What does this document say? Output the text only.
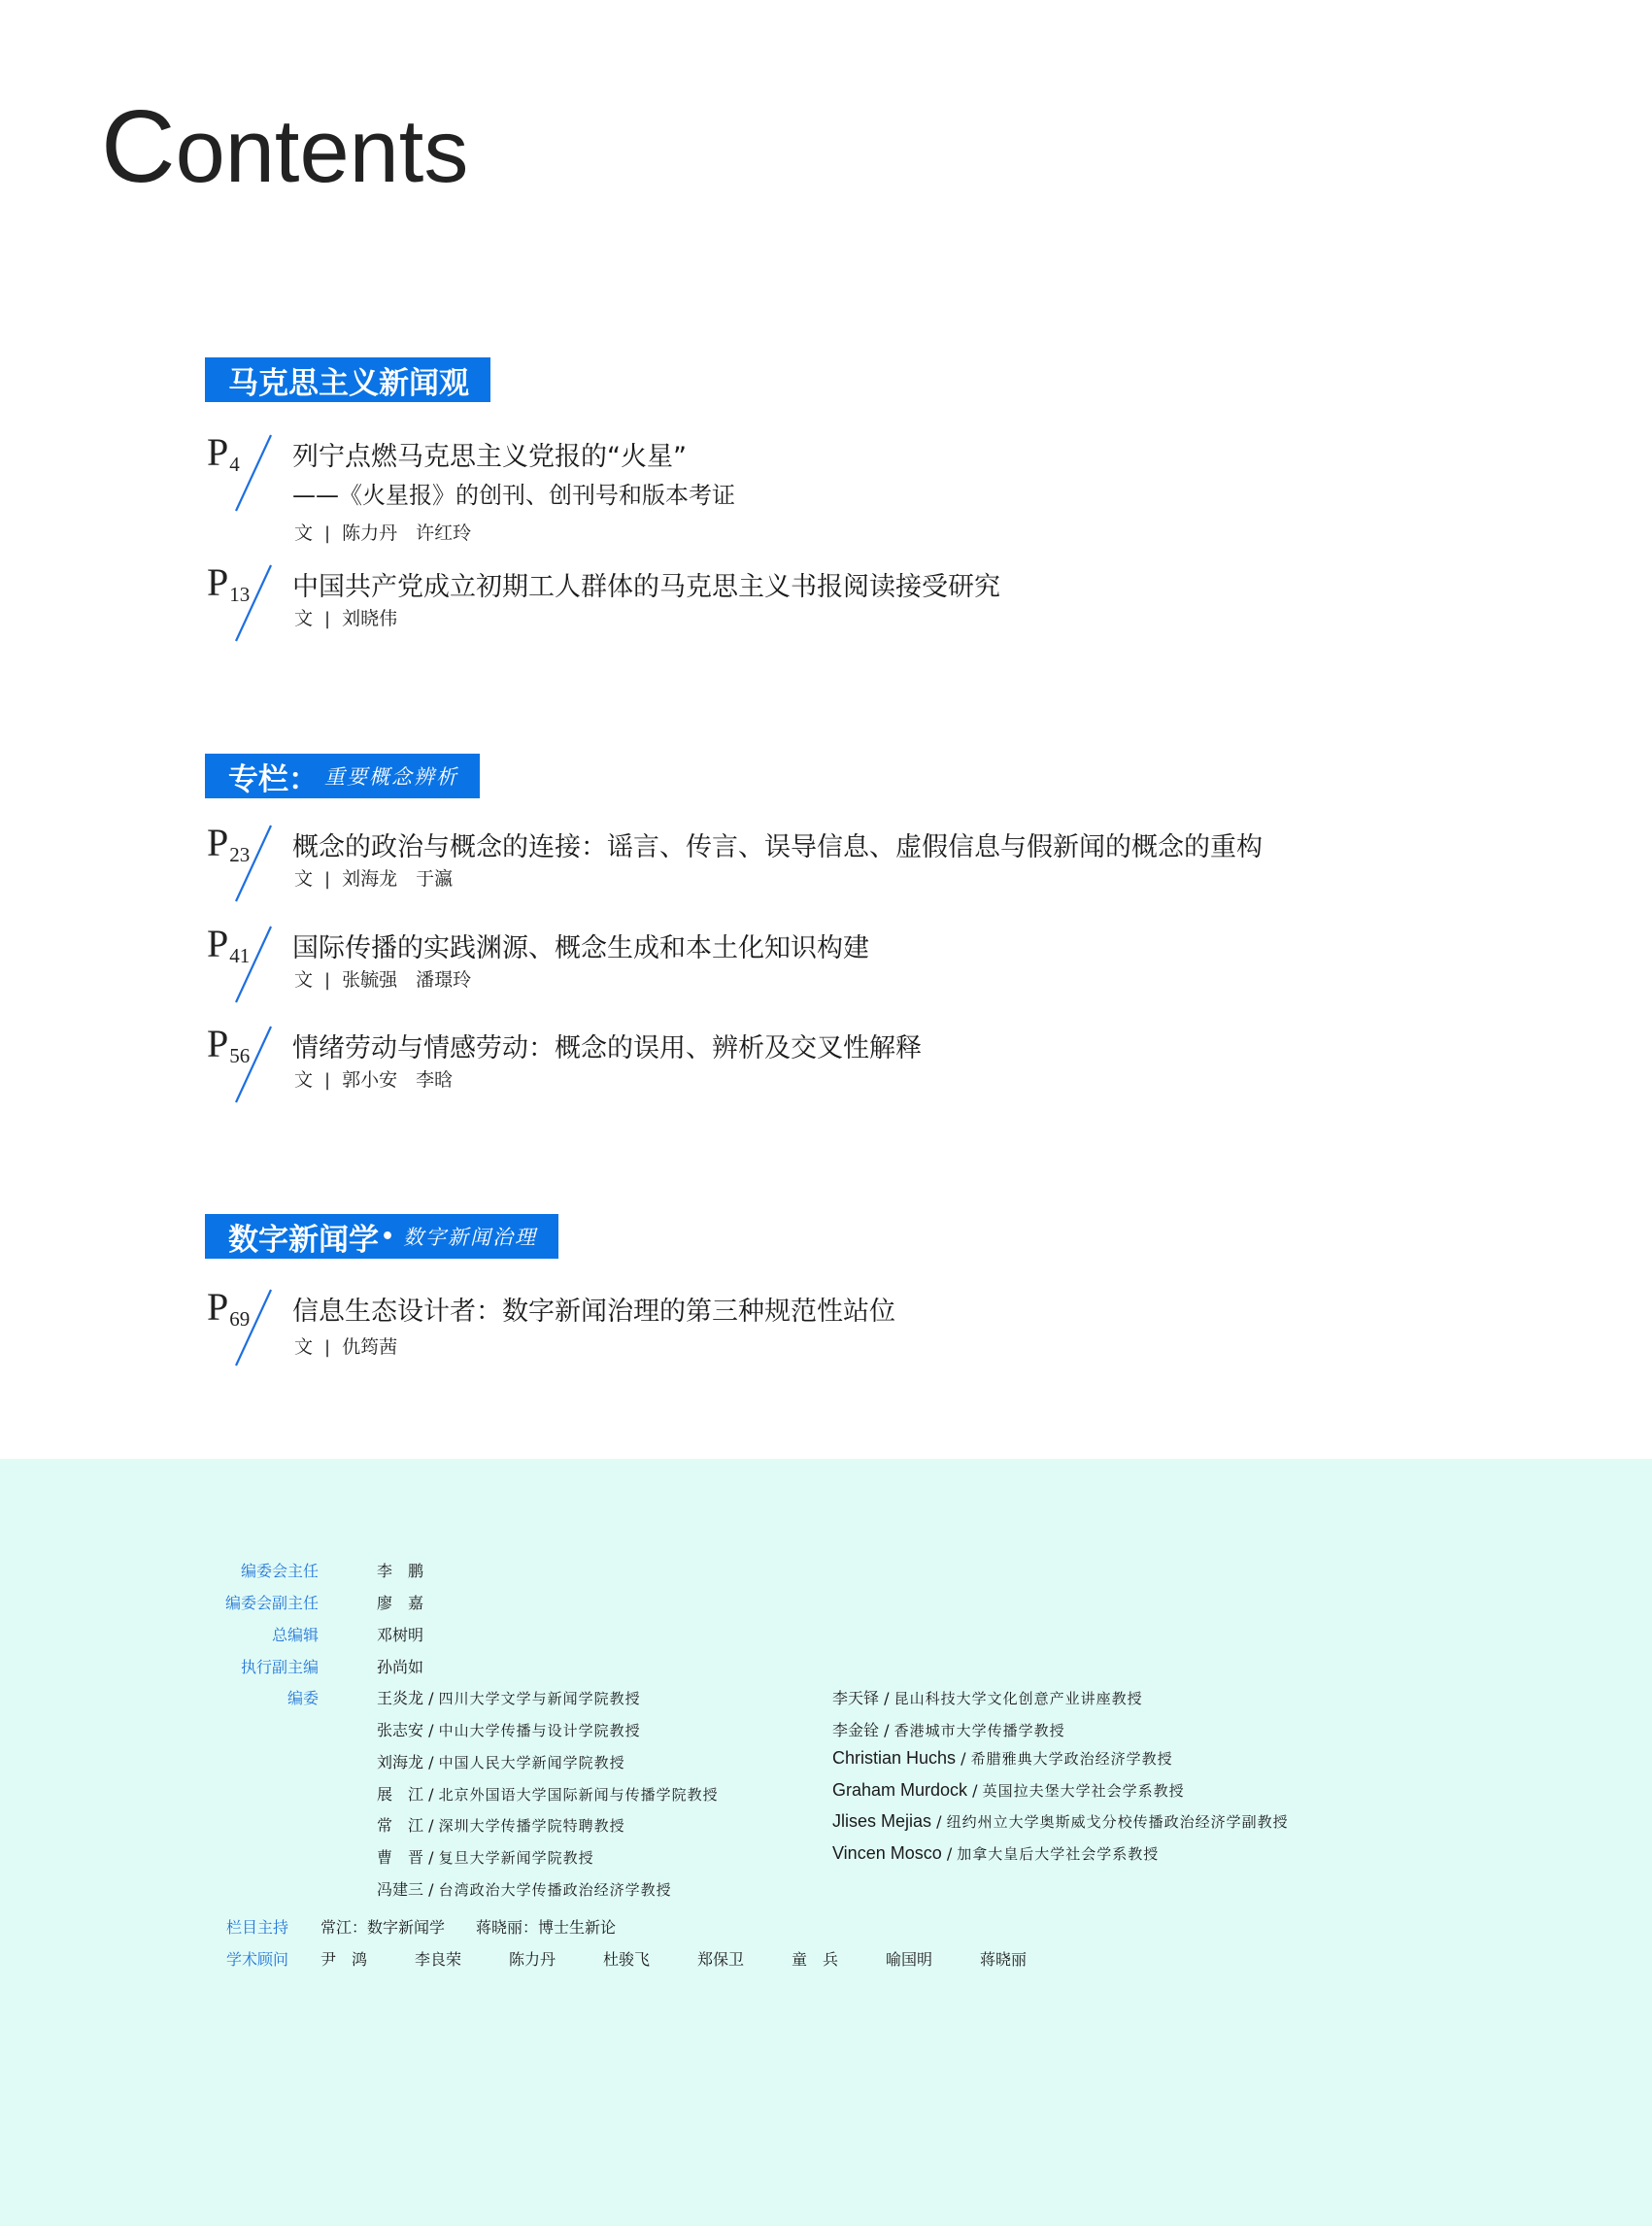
Contents
马克思主义新闻观
P4 列宁点燃马克思主义党报的“火星”
——《火星报》的创刊、创刊号和版本考证
文 | 陈力丹　许红玲
P13 中国共产党成立初期工人群体的马克思主义书报阅读接受研究
文 | 刘晓伟
专栏： 重要概念辨析
P23 概念的政治与概念的连接：谣言、传言、误导信息、虚假信息与假新闻的概念的重构
文 | 刘海龙　于瀛
P41 国际传播的实践渊源、概念生成和本土化知识构建
文 | 张毓强　潘璟玲
P56 情绪劳动与情感劳动：概念的误用、辨析及交叉性解释
文 | 郭小安　李晗
数字新闻学 • 数字新闻治理
P69 信息生态设计者：数字新闻治理的第三种规范性站位
文 | 仇筠茜
编委会主任	李　鹏
编委会副主任	廖　嘉
总编辑	邓树明
执行副主编	孙尚如
编委	王炎龙 / 四川大学文学与新闻学院教授
张志安 / 中山大学传播与设计学院教授
刘海龙 / 中国人民大学新闻学院教授
展　江 / 北京外国语大学国际新闻与传播学院教授
常　江 / 深圳大学传播学院特聘教授
曹　晋 / 复旦大学新闻学院教授
冯建三 / 台湾政治大学传播政治经济学教授
李天铎 / 昆山科技大学文化创意产业讲座教授
李金铨 / 香港城市大学传播学教授
Christian Huchs / 希腊雅典大学政治经济学教授
Graham Murdock / 英国拉夫堡大学社会学系教授
Jlises Mejias / 纽约州立大学奥斯威戈分校传播政治经济学副教授
Vincen Mosco / 加拿大皇后大学社会学系教授
栏目主持 常江：数字新闻学　　蒋晓丽：博士生新论
学术顾问 尹　鸿	李良荣	陈力丹	杜骏飞	郑保卫	童　兵	喻国明	蒋晓丽
